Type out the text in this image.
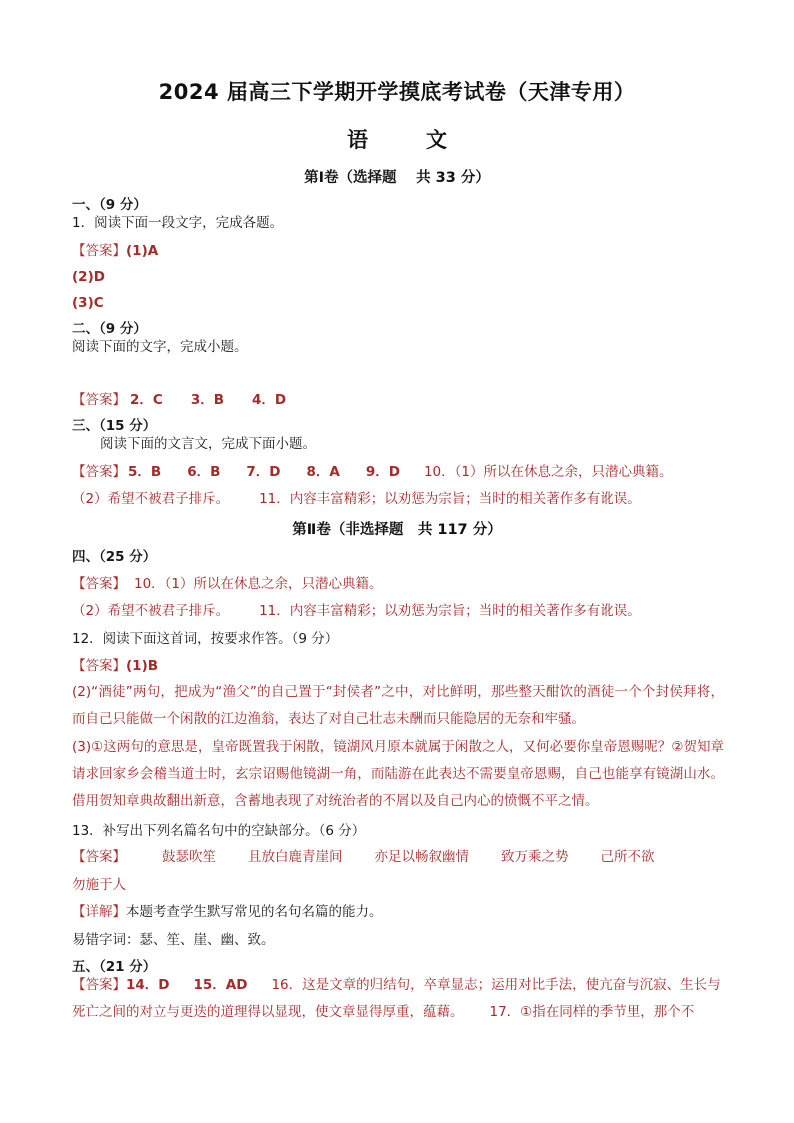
2024 届高三下学期开学摸底考试卷（天津专用）
语	文
第Ⅰ卷（选择题　 共 33 分）
一、（9 分）
1．阅读下面一段文字，完成各题。
【答案】(1)A
(2)D
(3)C
二、（9 分）
阅读下面的文字，完成小题。
【答案】 2．C 3．B 4．D
三、（15 分）
阅读下面的文言文，完成下面小题。
【答案】 5．B 6．B 7．D 8．A 9．D 10．（1）所以在休息之余，只潜心典籍。
（2）希望不被君子排斥。 11．内容丰富精彩；以劝惩为宗旨；当时的相关著作多有讹误。
第Ⅱ卷（非选择题　共 117 分）
四、（25 分）
【答案】 10．（1）所以在休息之余，只潜心典籍。
（2）希望不被君子排斥。 11．内容丰富精彩；以劝惩为宗旨；当时的相关著作多有讹误。
12．阅读下面这首词，按要求作答。（9 分）
【答案】(1)B
(2)“酒徒”两句，把成为“渔父”的自己置于“封侯者”之中，对比鲜明，那些整天酣饮的酒徒一个个封侯拜将，而自己只能做一个闲散的江边渔翁，表达了对自己壮志未酬而只能隐居的无奈和牢骚。
(3)①这两句的意思是，皇帝既置我于闲散，镜湖风月原本就属于闲散之人，又何必要你皇帝恩赐呢？②贺知章请求回家乡会稽当道士时，玄宗诏赐他镜湖一角，而陆游在此表达不需要皇帝恩赐，自己也能享有镜湖山水。借用贺知章典故翻出新意，含蓄地表现了对统治者的不屑以及自己内心的愤慨不平之情。
13．补写出下列名篇名句中的空缺部分。（6 分）
【答案】	鼓瑟吹笙 且放白鹿青崖间 亦足以畅叙幽情 致万乘之势 己所不欲
勿施于人
【详解】本题考查学生默写常见的名句名篇的能力。
易错字词：瑟、笙、崖、幽、致。
五、（21 分）
【答案】14．D 15．AD 16．这是文章的归结句，卒章显志；运用对比手法，使亢奋与沉寂、生长与
死亡之间的对立与更迭的道理得以显现，使文章显得厚重，蕴藉。 17．①指在同样的季节里，那个不
